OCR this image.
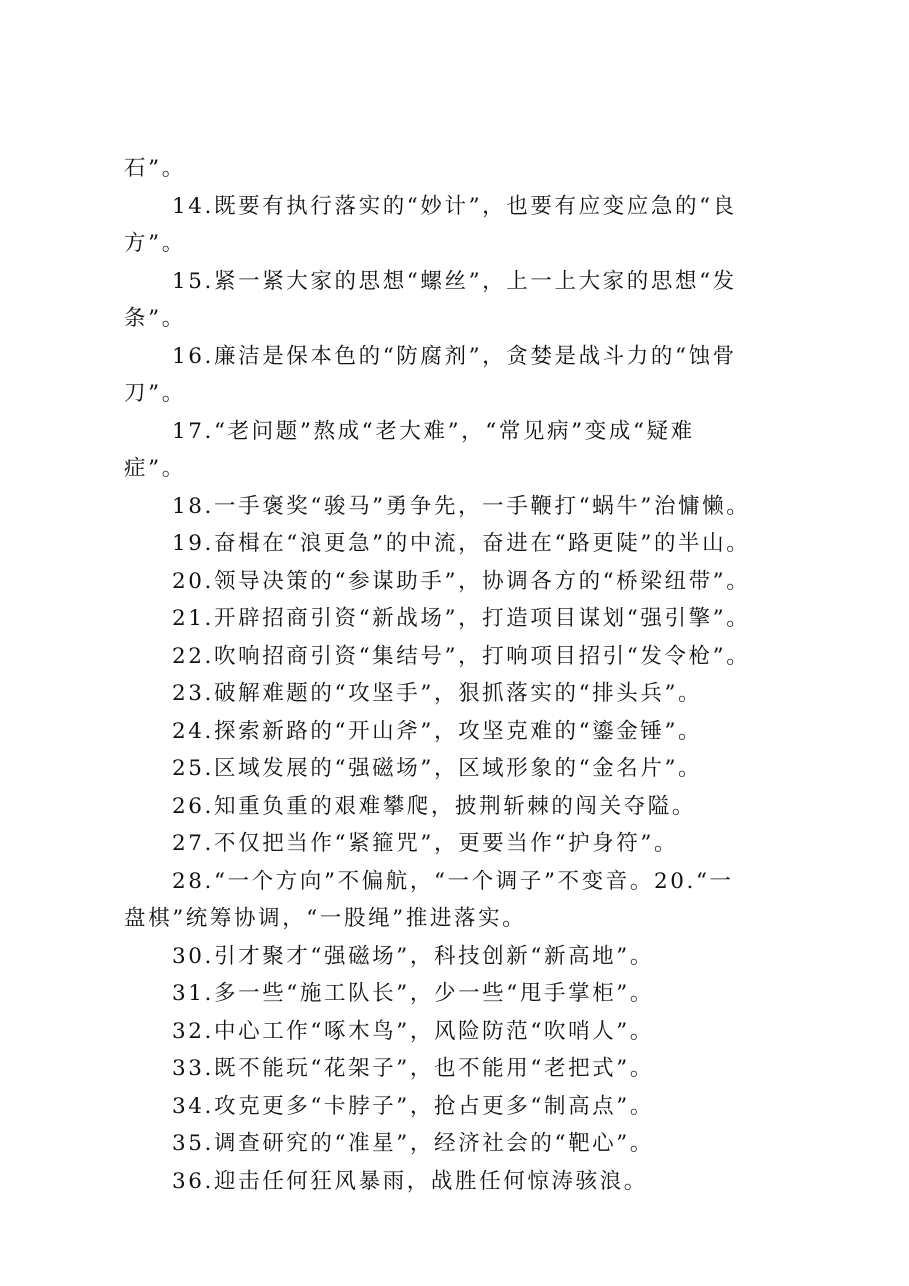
石”。
14.既要有执行落实的“妙计”，也要有应变应急的“良
方”。
15.紧一紧大家的思想“螺丝”，上一上大家的思想“发
条”。
16.廉洁是保本色的“防腐剂”，贪婪是战斗力的“蚀骨
刀”。
17.“老问题”熬成“老大难”，“常见病”变成“疑难
症”。
18.一手褒奖“骏马”勇争先，一手鞭打“蜗牛”治慵懒。
19.奋楫在“浪更急”的中流，奋进在“路更陡”的半山。
20.领导决策的“参谋助手”，协调各方的“桥梁纽带”。
21.开辟招商引资“新战场”，打造项目谋划“强引擎”。
22.吹响招商引资“集结号”，打响项目招引“发令枪”。
23.破解难题的“攻坚手”，狠抓落实的“排头兵”。
24.探索新路的“开山斧”，攻坚克难的“鎏金锤”。
25.区域发展的“强磁场”，区域形象的“金名片”。
26.知重负重的艰难攀爬，披荆斩棘的闯关夺隘。
27.不仅把当作“紧箍咒”，更要当作“护身符”。
28.“一个方向”不偏航，“一个调子”不变音。20.“一
盘棋”统筹协调，“一股绳”推进落实。
30.引才聚才“强磁场”，科技创新“新高地”。
31.多一些“施工队长”，少一些“甩手掌柜”。
32.中心工作“啄木鸟”，风险防范“吹哨人”。
33.既不能玩“花架子”，也不能用“老把式”。
34.攻克更多“卡脖子”，抢占更多“制高点”。
35.调查研究的“准星”，经济社会的“靶心”。
36.迎击任何狂风暴雨，战胜任何惊涛骇浪。
